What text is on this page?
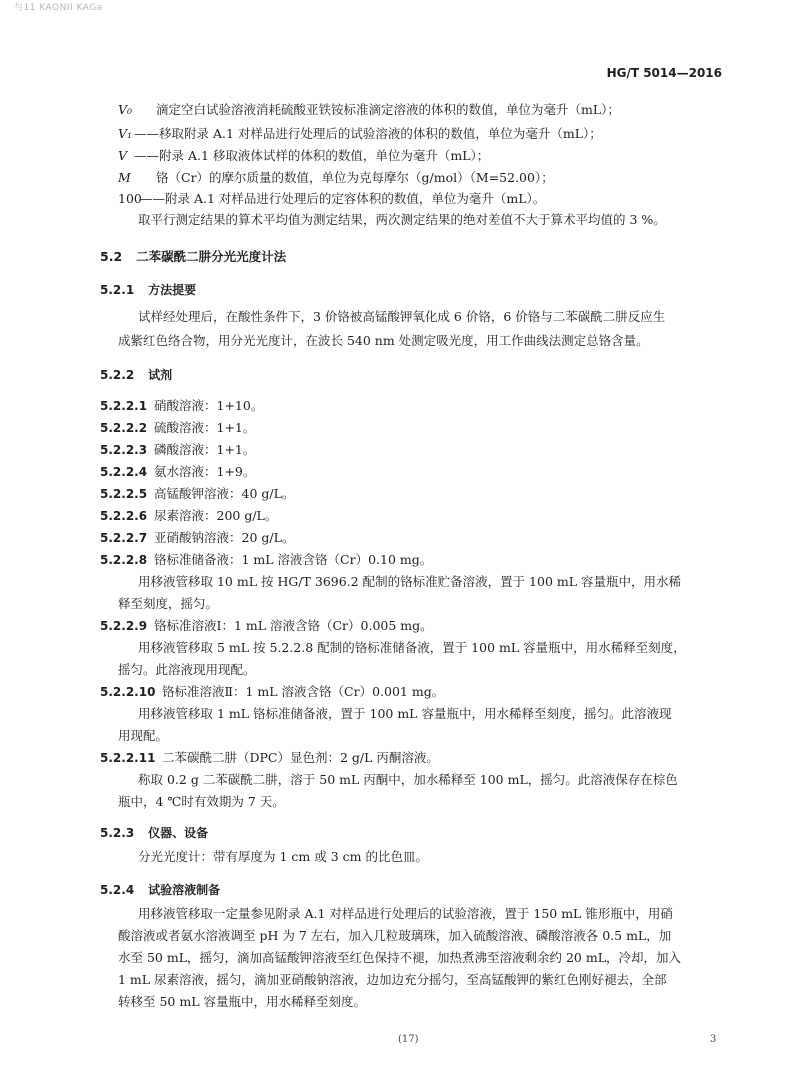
与11 KAONII KAGa
HG/T 5014—2016
V₀ 滴定空白试验溶液消耗硫酸亚铁铵标准滴定溶液的体积的数值，单位为毫升（mL）；
V₁ ——移取附录 A.1 对样品进行处理后的试验溶液的体积的数值，单位为毫升（mL）；
V ——附录 A.1 移取液体试样的体积的数值，单位为毫升（mL）；
M 铬（Cr）的摩尔质量的数值，单位为克每摩尔（g/mol）（M=52.00）；
100——附录 A.1 对样品进行处理后的定容体积的数值，单位为毫升（mL）。
取平行测定结果的算术平均值为测定结果，两次测定结果的绝对差值不大于算术平均值的 3 %。
5.2 二苯碳酰二肼分光光度计法
5.2.1 方法提要
试样经处理后，在酸性条件下，3 价铬被高锰酸钾氧化成 6 价铬，6 价铬与二苯碳酰二肼反应生
成紫红色络合物，用分光光度计，在波长 540 nm 处测定吸光度，用工作曲线法测定总铬含量。
5.2.2 试剂
5.2.2.1 硝酸溶液：1+10。
5.2.2.2 硫酸溶液：1+1。
5.2.2.3 磷酸溶液：1+1。
5.2.2.4 氨水溶液：1+9。
5.2.2.5 高锰酸钾溶液：40 g/L。
5.2.2.6 尿素溶液：200 g/L。
5.2.2.7 亚硝酸钠溶液：20 g/L。
5.2.2.8 铬标准储备液：1 mL 溶液含铬（Cr）0.10 mg。
用移液管移取 10 mL 按 HG/T 3696.2 配制的铬标准贮备溶液，置于 100 mL 容量瓶中，用水稀
释至刻度，摇匀。
5.2.2.9 铬标准溶液Ⅰ：1 mL 溶液含铬（Cr）0.005 mg。
用移液管移取 5 mL 按 5.2.2.8 配制的铬标准储备液，置于 100 mL 容量瓶中，用水稀释至刻度，
摇匀。此溶液现用现配。
5.2.2.10 铬标准溶液Ⅱ：1 mL 溶液含铬（Cr）0.001 mg。
用移液管移取 1 mL 铬标准储备液，置于 100 mL 容量瓶中，用水稀释至刻度，摇匀。此溶液现
用现配。
5.2.2.11 二苯碳酰二肼（DPC）显色剂：2 g/L 丙酮溶液。
称取 0.2 g 二苯碳酰二肼，溶于 50 mL 丙酮中，加水稀释至 100 mL，摇匀。此溶液保存在棕色
瓶中，4 ℃时有效期为 7 天。
5.2.3 仪器、设备
分光光度计：带有厚度为 1 cm 或 3 cm 的比色皿。
5.2.4 试验溶液制备
用移液管移取一定量参见附录 A.1 对样品进行处理后的试验溶液，置于 150 mL 锥形瓶中，用硝
酸溶液或者氨水溶液调至 pH 为 7 左右，加入几粒玻璃珠，加入硫酸溶液、磷酸溶液各 0.5 mL，加
水至 50 mL，摇匀，滴加高锰酸钾溶液至红色保持不褪，加热煮沸至溶液剩余约 20 mL，冷却，加入
1 mL 尿素溶液，摇匀，滴加亚硝酸钠溶液，边加边充分摇匀，至高锰酸钾的紫红色刚好褪去，全部
转移至 50 mL 容量瓶中，用水稀释至刻度。
(17)	3
